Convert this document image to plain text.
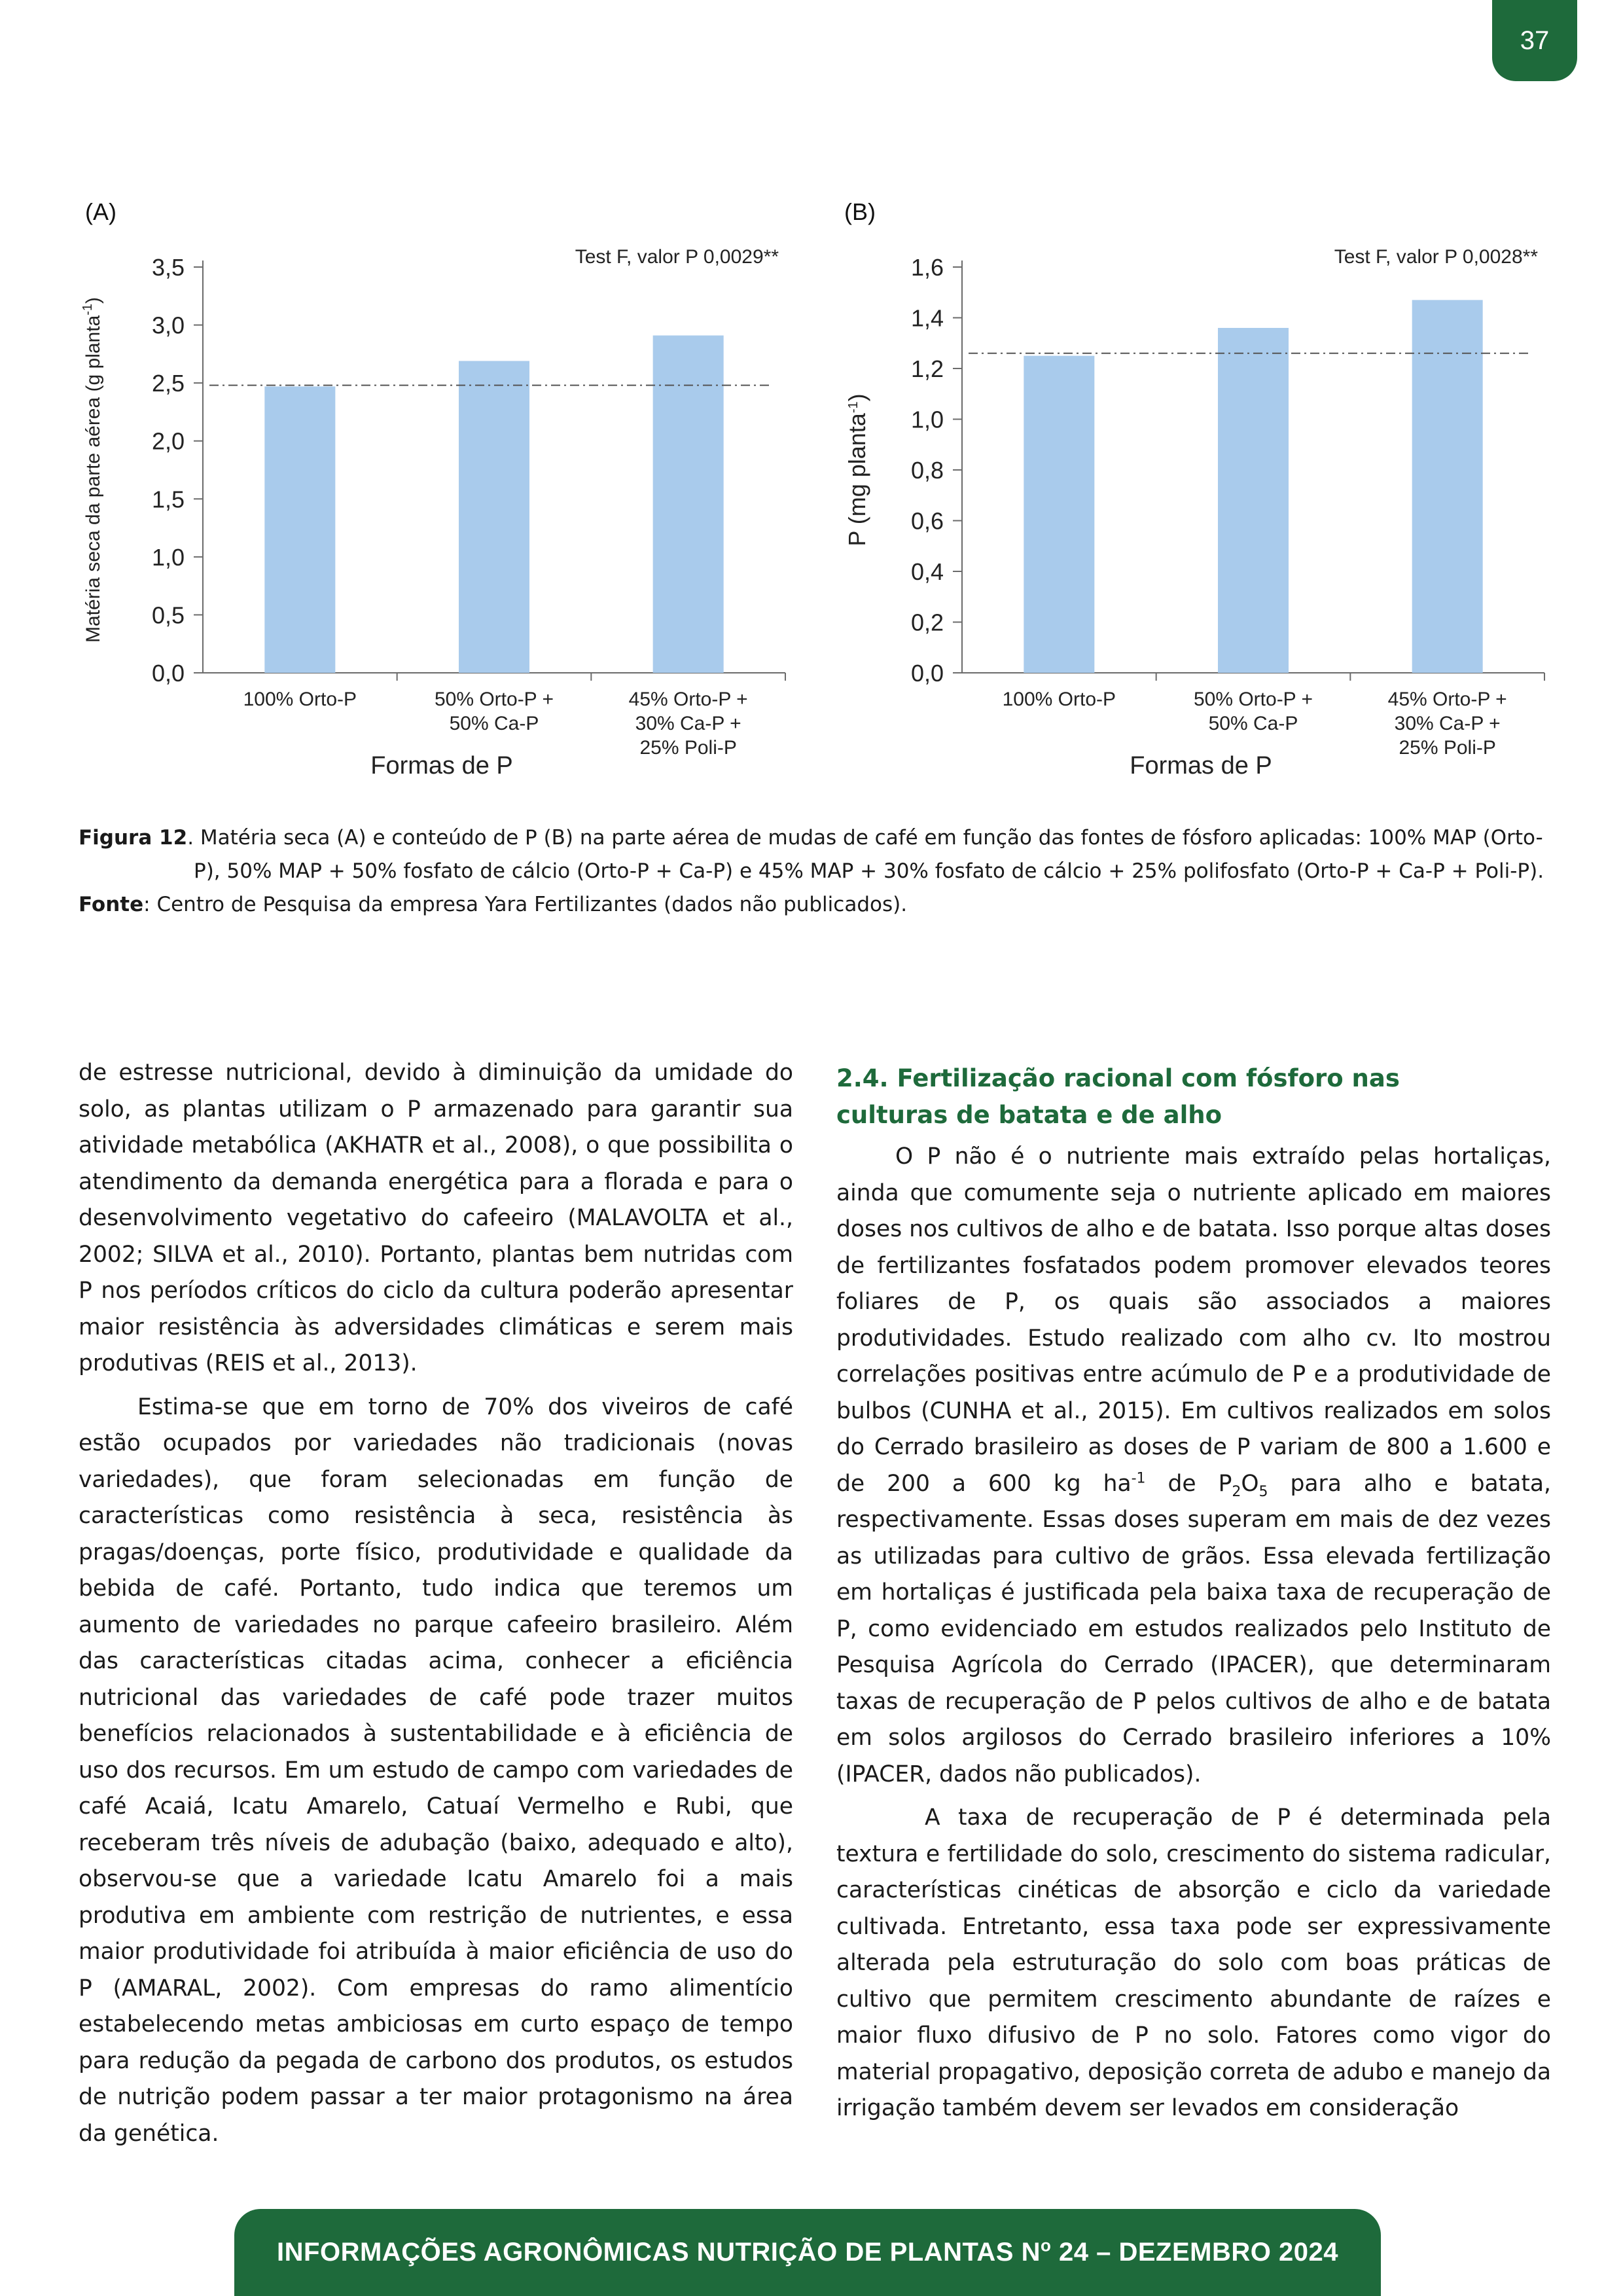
37
(A)
Test F, valor P 0,0029**
0,0
0,5
1,0
1,5
2,0
2,5
3,0
3,5
100% Orto-P	50% Orto-P +
50% Ca-P
45% Orto-P +
30% Ca-P +
25% Poli-P
Formas de P
Matéria seca da parte aérea (g planta$^{-1}$)
(B)
Test F, valor P 0,0028**
0,0
0,2
0,4
0,6
0,8
1,0
1,2
1,4
1,6
100% Orto-P	50% Orto-P +
50% Ca-P
45% Orto-P +
30% Ca-P +
25% Poli-P
Formas de P
P (mg planta$^{-1}$)

Figura 12. Matéria seca (A) e conteúdo de P (B) na parte aérea de mudas de café em função das fontes de fósforo aplicadas: 100% MAP (Orto-P), 50% MAP + 50% fosfato de cálcio (Orto-P + Ca-P) e 45% MAP + 30% fosfato de cálcio + 25% polifosfato (Orto-P + Ca-P + Poli-P).

Fonte: Centro de Pesquisa da empresa Yara Fertilizantes (dados não publicados).

de estresse nutricional, devido à diminuição da umidade do solo, as plantas utilizam o P armazenado para garantir sua atividade metabólica (AKHATR et al., 2008), o que possibilita o atendimento da demanda energética para a florada e para o desenvolvimento vegetativo do cafeeiro (MALAVOLTA et al., 2002; SILVA et al., 2010). Portanto, plantas bem nutridas com P nos períodos críticos do ciclo da cultura poderão apresentar maior resistência às adversidades climáticas e serem mais produtivas (REIS et al., 2013).

Estima-se que em torno de 70% dos viveiros de café estão ocupados por variedades não tradicionais (novas variedades), que foram selecionadas em função de características como resistência à seca, resistência às pragas/doenças, porte físico, produtividade e qualidade da bebida de café. Portanto, tudo indica que teremos um aumento de variedades no parque cafeeiro brasileiro. Além das características citadas acima, conhecer a eficiência nutricional das variedades de café pode trazer muitos benefícios relacionados à sustentabilidade e à eficiência de uso dos recursos. Em um estudo de campo com variedades de café Acaiá, Icatu Amarelo, Catuaí Vermelho e Rubi, que receberam três níveis de adubação (baixo, adequado e alto), observou-se que a variedade Icatu Amarelo foi a mais produtiva em ambiente com restrição de nutrientes, e essa maior produtividade foi atribuída à maior eficiência de uso do P (AMARAL, 2002). Com empresas do ramo alimentício estabelecendo metas ambiciosas em curto espaço de tempo para redução da pegada de carbono dos produtos, os estudos de nutrição podem passar a ter maior protagonismo na área da genética.

2.4. Fertilização racional com fósforo nas
culturas de batata e de alho

O P não é o nutriente mais extraído pelas hortaliças, ainda que comumente seja o nutriente aplicado em maiores doses nos cultivos de alho e de batata. Isso porque altas doses de fertilizantes fosfatados podem promover elevados teores foliares de P, os quais são associados a maiores produtividades. Estudo realizado com alho cv. Ito mostrou correlações positivas entre acúmulo de P e a produtividade de bulbos (CUNHA et al., 2015). Em cultivos realizados em solos do Cerrado brasileiro as doses de P variam de 800 a 1.600 e de 200 a 600 kg $ha^{-1}$ de $P_2O_5$ para alho e batata, respectivamente. Essas doses superam em mais de dez vezes as utilizadas para cultivo de grãos. Essa elevada fertilização em hortaliças é justificada pela baixa taxa de recuperação de P, como evidenciado em estudos realizados pelo Instituto de Pesquisa Agrícola do Cerrado (IPACER), que determinaram taxas de recuperação de P pelos cultivos de alho e de batata em solos argilosos do Cerrado brasileiro inferiores a 10% (IPACER, dados não publicados).

A taxa de recuperação de P é determinada pela textura e fertilidade do solo, crescimento do sistema radicular, características cinéticas de absorção e ciclo da variedade cultivada. Entretanto, essa taxa pode ser expressivamente alterada pela estruturação do solo com boas práticas de cultivo que permitem crescimento abundante de raízes e maior fluxo difusivo de P no solo. Fatores como vigor do material propagativo, deposição correta de adubo e manejo da irrigação também devem ser levados em consideração

INFORMAÇÕES AGRONÔMICAS NUTRIÇÃO DE PLANTAS $N^o$ 24 – DEZEMBRO 2024
